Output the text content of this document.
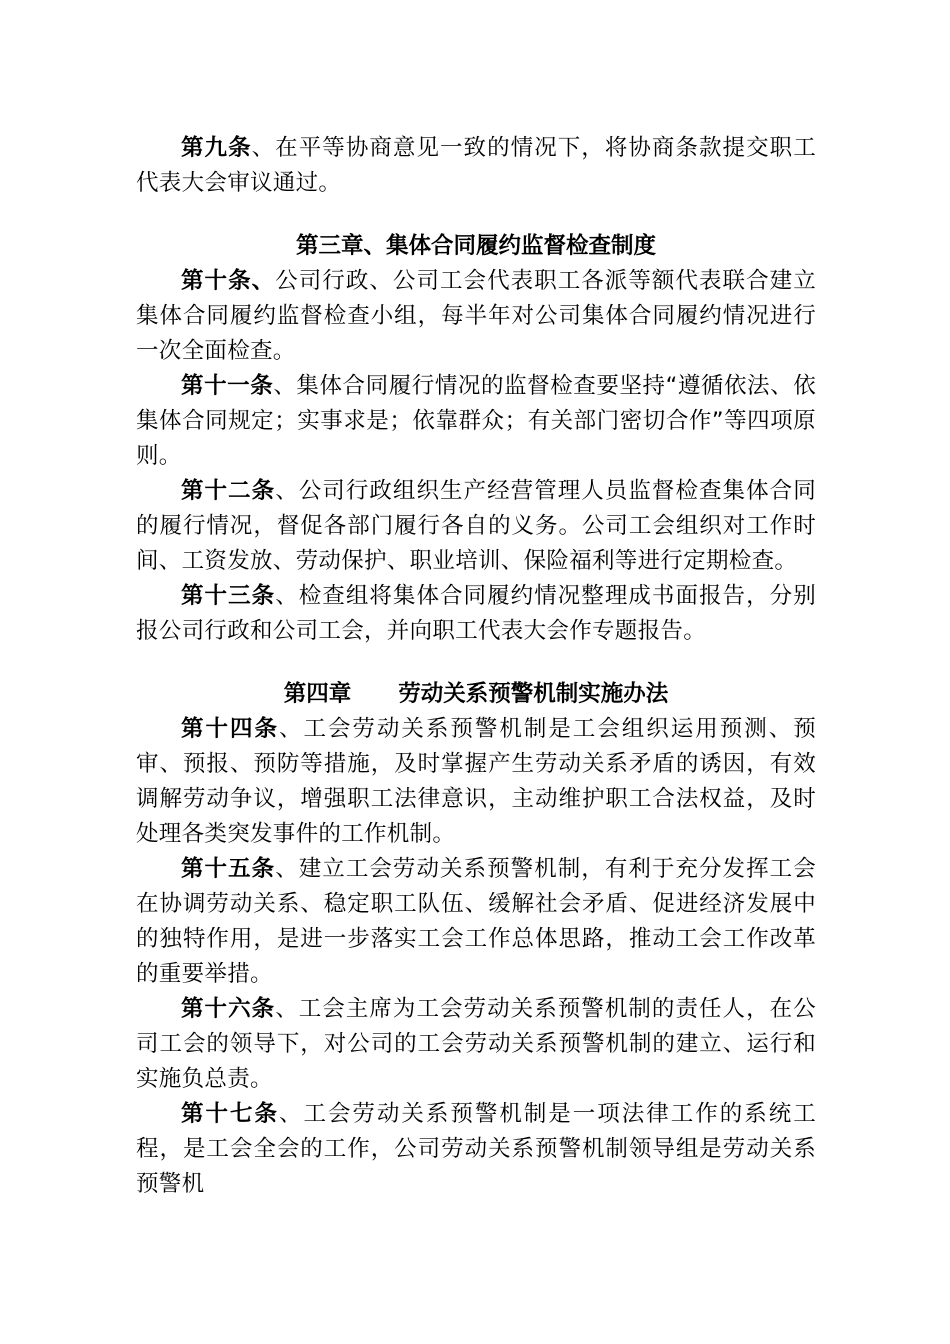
第九条、在平等协商意见一致的情况下，将协商条款提交职工代表大会审议通过。

第三章、集体合同履约监督检查制度

第十条、公司行政、公司工会代表职工各派等额代表联合建立集体合同履约监督检查小组，每半年对公司集体合同履约情况进行一次全面检查。

第十一条、集体合同履行情况的监督检查要坚持“遵循依法、依集体合同规定；实事求是；依靠群众；有关部门密切合作”等四项原则。

第十二条、公司行政组织生产经营管理人员监督检查集体合同的履行情况，督促各部门履行各自的义务。公司工会组织对工作时间、工资发放、劳动保护、职业培训、保险福利等进行定期检查。

第十三条、检查组将集体合同履约情况整理成书面报告，分别报公司行政和公司工会，并向职工代表大会作专题报告。

第四章      劳动关系预警机制实施办法

第十四条、工会劳动关系预警机制是工会组织运用预测、预审、预报、预防等措施，及时掌握产生劳动关系矛盾的诱因，有效调解劳动争议，增强职工法律意识，主动维护职工合法权益，及时处理各类突发事件的工作机制。

第十五条、建立工会劳动关系预警机制，有利于充分发挥工会在协调劳动关系、稳定职工队伍、缓解社会矛盾、促进经济发展中的独特作用，是进一步落实工会工作总体思路，推动工会工作改革的重要举措。

第十六条、工会主席为工会劳动关系预警机制的责任人，在公司工会的领导下，对公司的工会劳动关系预警机制的建立、运行和实施负总责。

第十七条、工会劳动关系预警机制是一项法律工作的系统工程，是工会全会的工作，公司劳动关系预警机制领导组是劳动关系预警机
